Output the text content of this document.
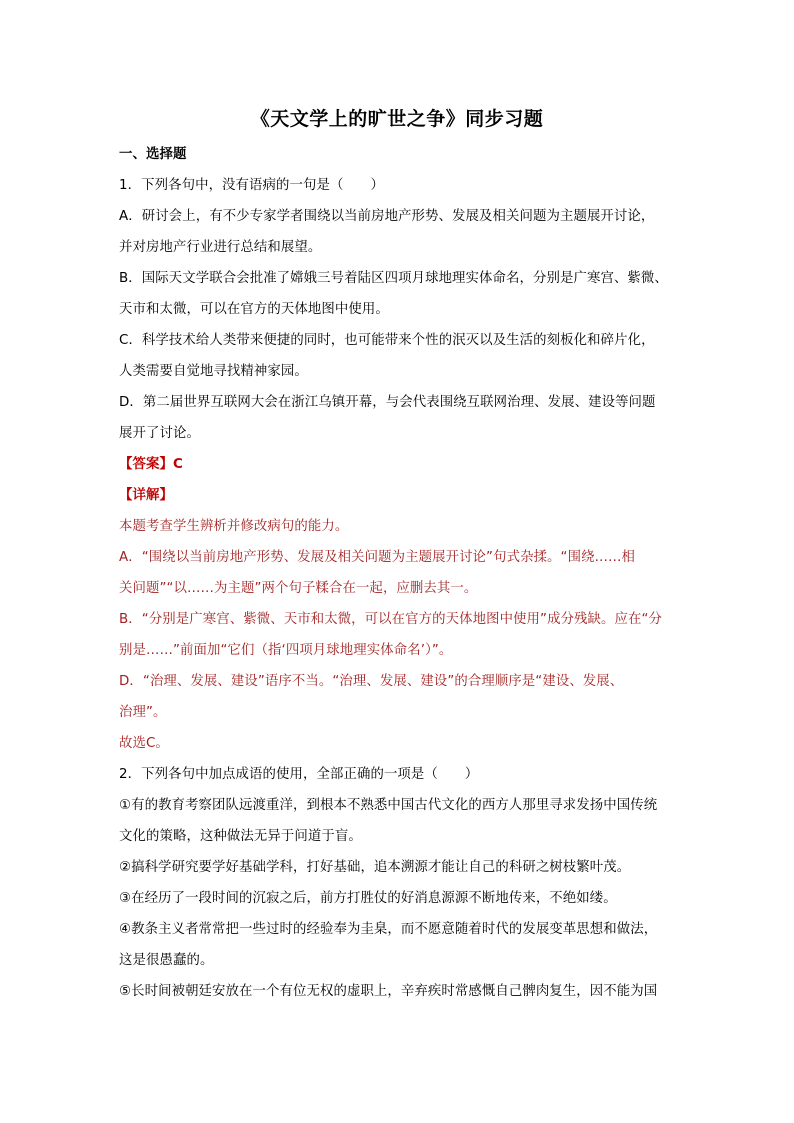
《天文学上的旷世之争》同步习题
一、选择题
1．下列各句中，没有语病的一句是（　　）
A．研讨会上，有不少专家学者围绕以当前房地产形势、发展及相关问题为主题展开讨论，
并对房地产行业进行总结和展望。
B．国际天文学联合会批准了嫦娥三号着陆区四项月球地理实体命名，分别是广寒宫、紫微、
天市和太微，可以在官方的天体地图中使用。
C．科学技术给人类带来便捷的同时，也可能带来个性的泯灭以及生活的刻板化和碎片化，
人类需要自觉地寻找精神家园。
D．第二届世界互联网大会在浙江乌镇开幕，与会代表围绕互联网治理、发展、建设等问题
展开了讨论。
【答案】C
【详解】
本题考查学生辨析并修改病句的能力。
A．“围绕以当前房地产形势、发展及相关问题为主题展开讨论”句式杂揉。“围绕……相
关问题”“以……为主题”两个句子糅合在一起，应删去其一。
B．“分别是广寒宫、紫微、天市和太微，可以在官方的天体地图中使用”成分残缺。应在“分
别是……”前面加“它们（指‘四项月球地理实体命名’）”。
D．“治理、发展、建设”语序不当。“治理、发展、建设”的合理顺序是“建设、发展、
治理”。
故选C。
2．下列各句中加点成语的使用，全部正确的一项是（　　）
①有的教育考察团队远渡重洋，到根本不熟悉中国古代文化的西方人那里寻求发扬中国传统
文化的策略，这种做法无异于问道于盲。
②搞科学研究要学好基础学科，打好基础，追本溯源才能让自己的科研之树枝繁叶茂。
③在经历了一段时间的沉寂之后，前方打胜仗的好消息源源不断地传来，不绝如缕。
④教条主义者常常把一些过时的经验奉为圭臬，而不愿意随着时代的发展变革思想和做法，
这是很愚蠢的。
⑤长时间被朝廷安放在一个有位无权的虚职上，辛弃疾时常感慨自己髀肉复生，因不能为国
